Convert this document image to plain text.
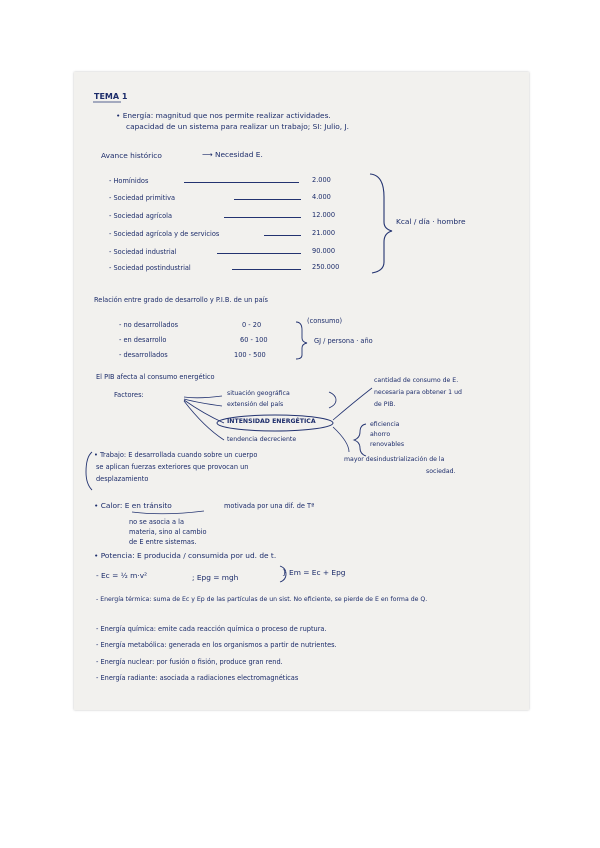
TEMA 1
• Energía: magnitud que nos permite realizar actividades.
capacidad de un sistema para realizar un trabajo; SI: Julio, J.
Avance histórico	⟶ Necesidad E.
- Homínidos	2.000
- Sociedad primitiva	4.000
- Sociedad agrícola	12.000
- Sociedad agrícola y de servicios	21.000
- Sociedad industrial	90.000
- Sociedad postindustrial	250.000
Kcal / día · hombre
Relación entre grado de desarrollo y P.I.B. de un país
- no desarrollados	0 - 20
- en desarrollo	60 - 100
- desarrollados	100 - 500
(consumo)
GJ / persona · año
El PIB afecta al consumo energético
Factores:	situación geográfica
extensión del país
INTENSIDAD ENERGÉTICA
tendencia decreciente
cantidad de consumo de E.
necesaria para obtener 1 ud
de PIB.
eficiencia
ahorro
renovables
mayor desindustrialización de la
sociedad.
• Trabajo: E desarrollada cuando sobre un cuerpo
se aplican fuerzas exteriores que provocan un
desplazamiento
• Calor: E en tránsito	motivada por una dif. de Tª
no se asocia a la
materia, sino al cambio
de E entre sistemas.
• Potencia: E producida / consumida por ud. de t.
- Ec = ½ m·v²	; Epg = mgh
} Em = Ec + Epg
- Energía térmica: suma de Ec y Ep de las partículas de un sist. No eficiente, se pierde de E en forma de Q.
- Energía química: emite cada reacción química o proceso de ruptura.
- Energía metabólica: generada en los organismos a partir de nutrientes.
- Energía nuclear: por fusión o fisión, produce gran rend.
- Energía radiante: asociada a radiaciones electromagnéticas
